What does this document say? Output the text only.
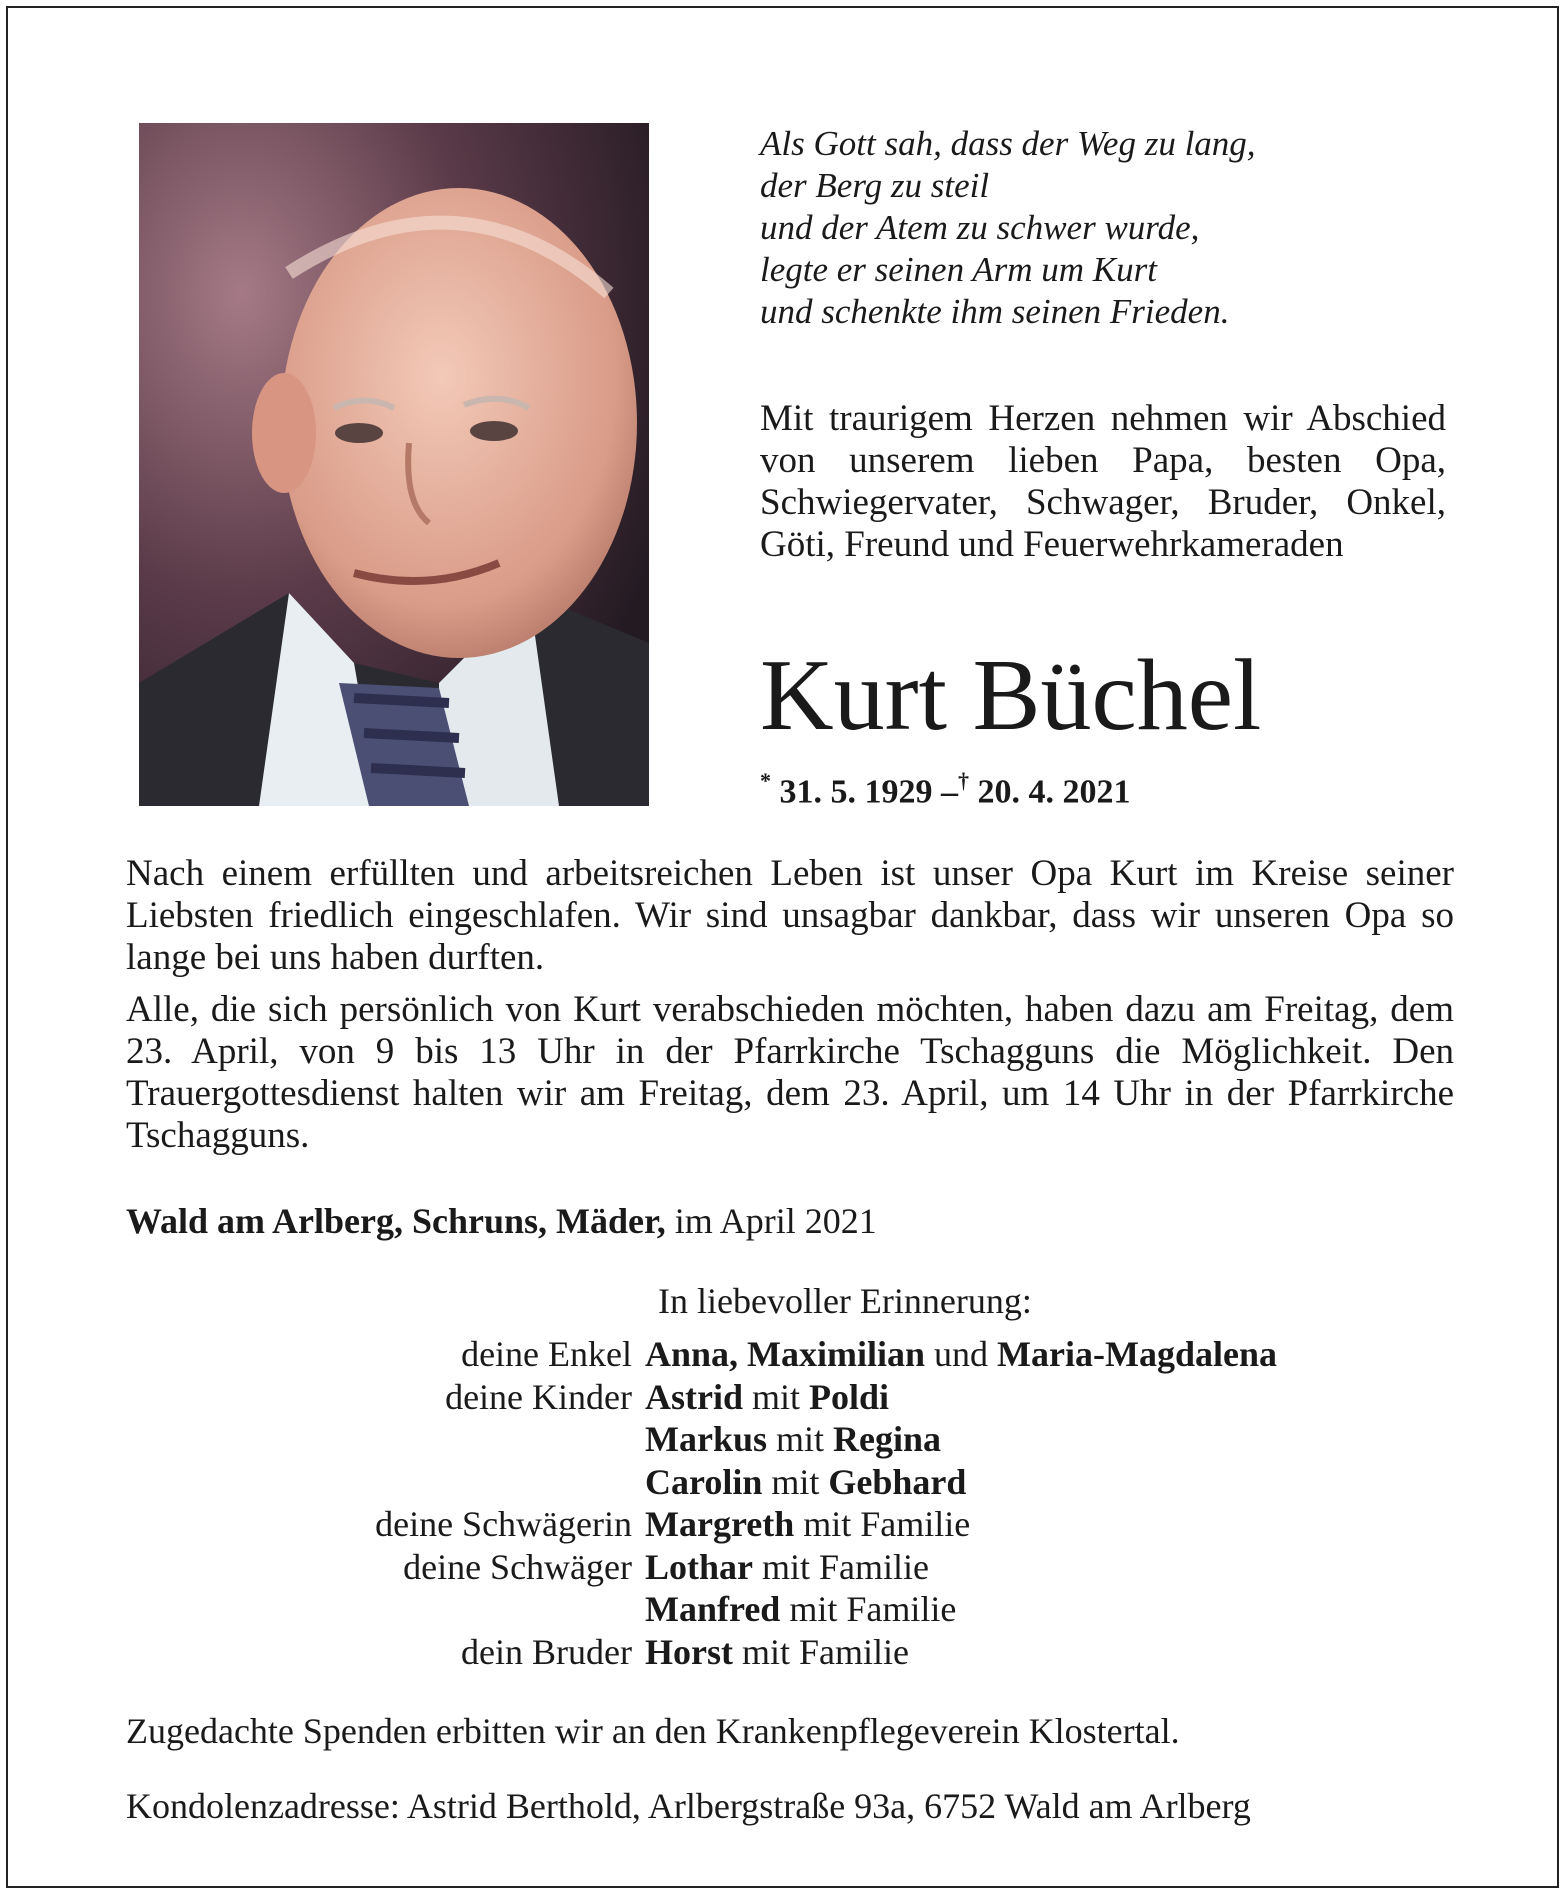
Als Gott sah, dass der Weg zu lang,
der Berg zu steil
und der Atem zu schwer wurde,
legte er seinen Arm um Kurt
und schenkte ihm seinen Frieden.
Mit traurigem Herzen nehmen wir Abschied von unserem lieben Papa, besten Opa, Schwiegervater, Schwager, Bruder, Onkel, Göti, Freund und Feuerwehrkameraden
Kurt Büchel
* 31. 5. 1929 –† 20. 4. 2021

Nach einem erfüllten und arbeitsreichen Leben ist unser Opa Kurt im Kreise seiner Liebsten friedlich eingeschlafen. Wir sind unsagbar dankbar, dass wir unseren Opa so lange bei uns haben durften.

Alle, die sich persönlich von Kurt verabschieden möchten, haben dazu am Freitag, dem 23. April, von 9 bis 13 Uhr in der Pfarrkirche Tschagguns die Möglichkeit. Den Trauergottesdienst halten wir am Freitag, dem 23. April, um 14 Uhr in der Pfarrkirche Tschagguns.

Wald am Arlberg, Schruns, Mäder, im April 2021
In liebevoller Erinnerung:
deine Enkel Anna, Maximilian und Maria-Magdalena
deine Kinder Astrid mit Poldi
Markus mit Regina
Carolin mit Gebhard
deine Schwägerin Margreth mit Familie
deine Schwäger Lothar mit Familie
Manfred mit Familie
dein Bruder Horst mit Familie
Zugedachte Spenden erbitten wir an den Krankenpflegeverein Klostertal.
Kondolenzadresse: Astrid Berthold, Arlbergstraße 93a, 6752 Wald am Arlberg
